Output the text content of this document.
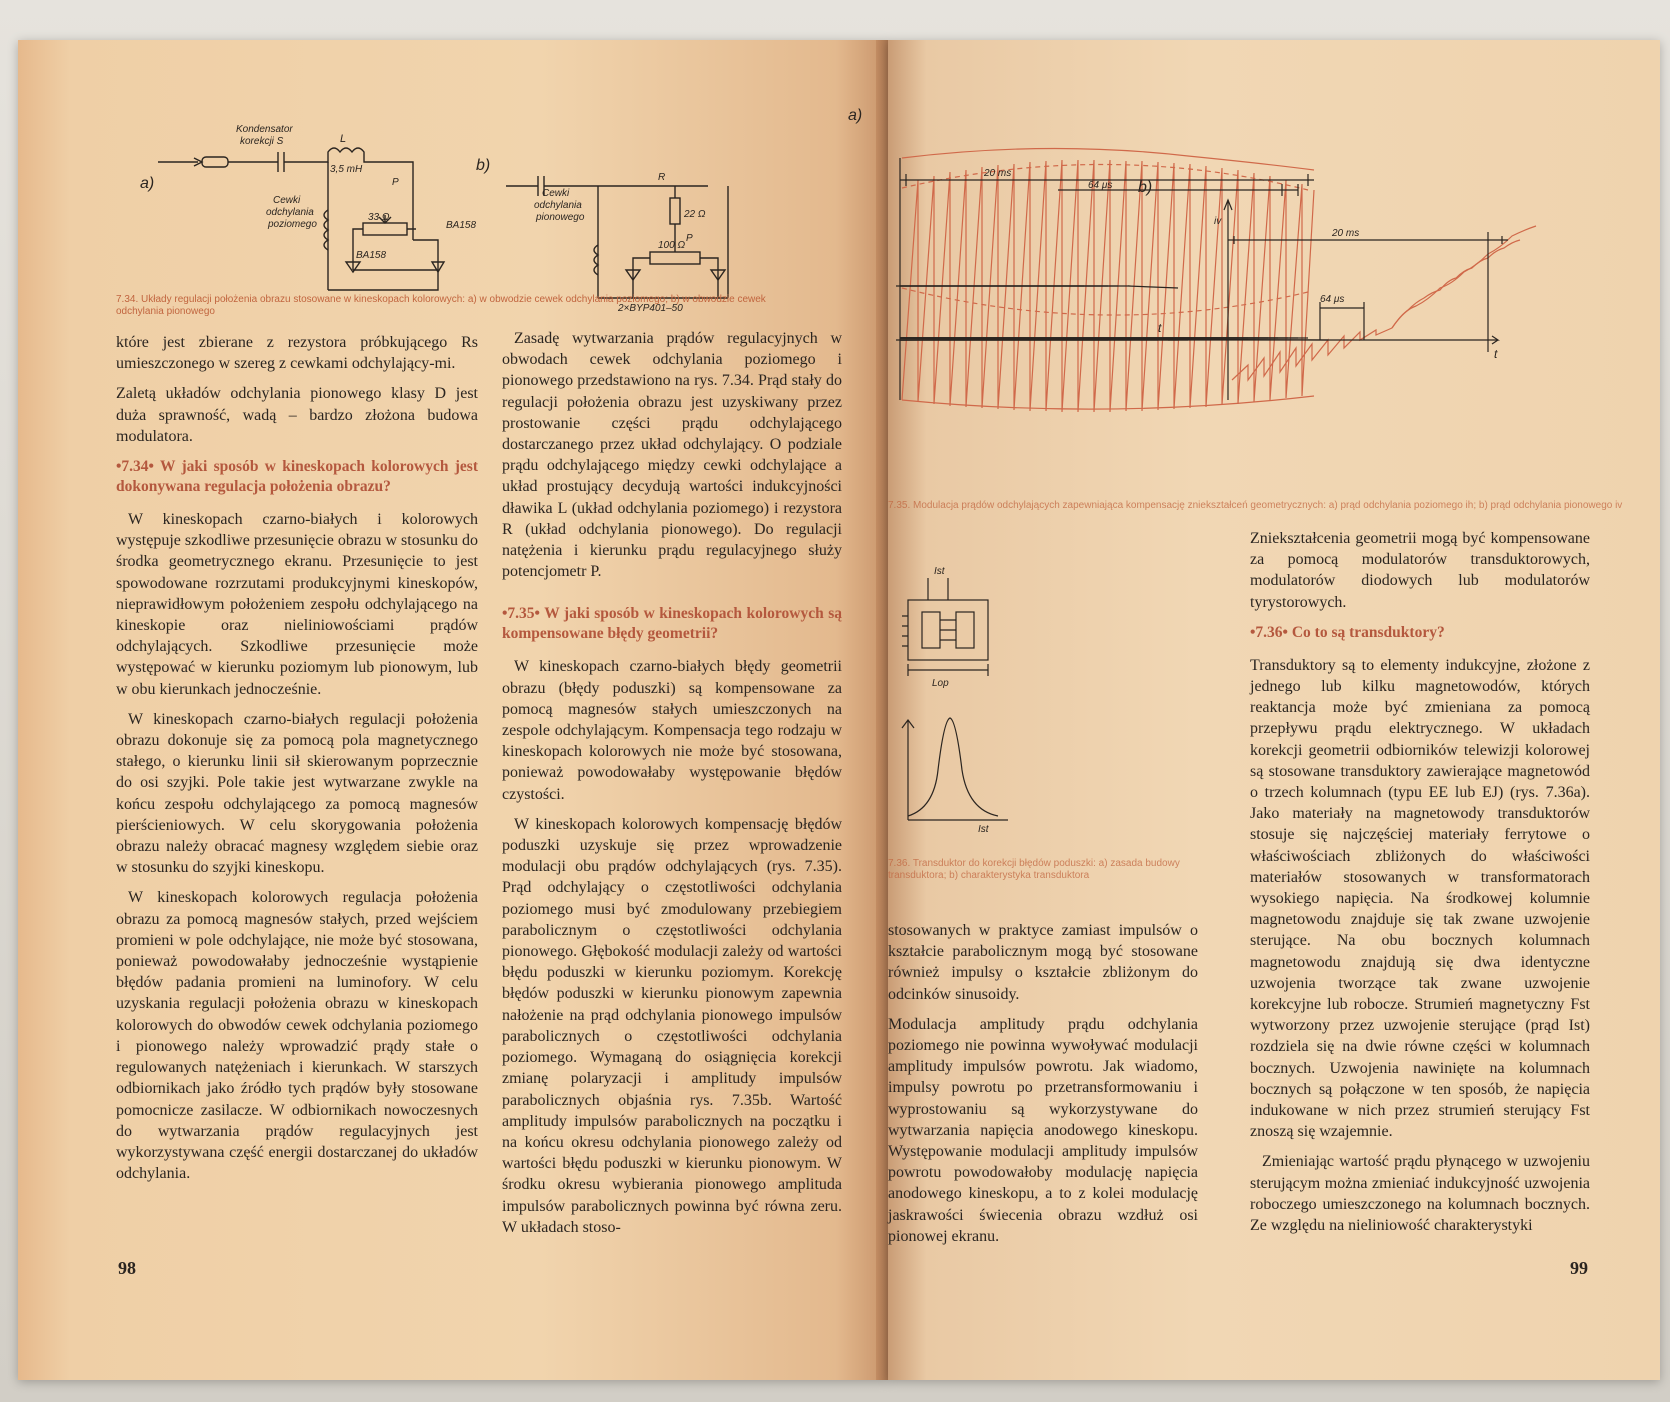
a)
b)
Kondensator
korekcji S	L
3,5 mH
P
33 Ω
Cewki
odchylania
poziomego
BA158
BA158
Cewki
odchylania
pionowego
R
22 Ω
P
100 Ω
2×BYP401–50
7.34. Układy regulacji położenia obrazu stosowane w kineskopach kolorowych: a) w obwodzie cewek odchylania poziomego; b) w obwodzie cewek
odchylania pionowego

które jest zbierane z rezystora próbkującego Rs umieszczonego w szereg z cewkami odchylający-mi.

Zaletą układów odchylania pionowego klasy D jest duża sprawność, wadą – bardzo złożona budowa modulatora.

•7.34• W jaki sposób w kineskopach kolorowych jest dokonywana regulacja położenia obrazu?

W kineskopach czarno-białych i kolorowych występuje szkodliwe przesunięcie obrazu w stosunku do środka geometrycznego ekranu. Przesunięcie to jest spowodowane rozrzutami produkcyjnymi kineskopów, nieprawidłowym położeniem zespołu odchylającego na kineskopie oraz nieliniowościami prądów odchylających. Szkodliwe przesunięcie może występować w kierunku poziomym lub pionowym, lub w obu kierunkach jednocześnie.

W kineskopach czarno-białych regulacji położenia obrazu dokonuje się za pomocą pola magnetycznego stałego, o kierunku linii sił skierowanym poprzecznie do osi szyjki. Pole takie jest wytwarzane zwykle na końcu zespołu odchylającego za pomocą magnesów pierścieniowych. W celu skorygowania położenia obrazu należy obracać magnesy względem siebie oraz w stosunku do szyjki kineskopu.

W kineskopach kolorowych regulacja położenia obrazu za pomocą magnesów stałych, przed wejściem promieni w pole odchylające, nie może być stosowana, ponieważ powodowałaby jednocześnie wystąpienie błędów padania promieni na luminofory. W celu uzyskania regulacji położenia obrazu w kineskopach kolorowych do obwodów cewek odchylania poziomego i pionowego należy wprowadzić prądy stałe o regulowanych natężeniach i kierunkach. W starszych odbiornikach jako źródło tych prądów były stosowane pomocnicze zasilacze. W odbiornikach nowoczesnych do wytwarzania prądów regulacyjnych jest wykorzystywana część energii dostarczanej do układów odchylania.

Zasadę wytwarzania prądów regulacyjnych w obwodach cewek odchylania poziomego i pionowego przedstawiono na rys. 7.34. Prąd stały do regulacji położenia obrazu jest uzyskiwany przez prostowanie części prądu odchylającego dostarczanego przez układ odchylający. O podziale prądu odchylającego między cewki odchylające a układ prostujący decydują wartości indukcyjności dławika L (układ odchylania poziomego) i rezystora R (układ odchylania pionowego). Do regulacji natężenia i kierunku prądu regulacyjnego służy potencjometr P.

•7.35• W jaki sposób w kineskopach kolorowych są kompensowane błędy geometrii?

W kineskopach czarno-białych błędy geometrii obrazu (błędy poduszki) są kompensowane za pomocą magnesów stałych umieszczonych na zespole odchylającym. Kompensacja tego rodzaju w kineskopach kolorowych nie może być stosowana, ponieważ powodowałaby występowanie błędów czystości.

W kineskopach kolorowych kompensację błędów poduszki uzyskuje się przez wprowadzenie modulacji obu prądów odchylających (rys. 7.35). Prąd odchylający o częstotliwości odchylania poziomego musi być zmodulowany przebiegiem parabolicznym o częstotliwości odchylania pionowego. Głębokość modulacji zależy od wartości błędu poduszki w kierunku poziomym. Korekcję błędów poduszki w kierunku pionowym zapewnia nałożenie na prąd odchylania pionowego impulsów parabolicznych o częstotliwości odchylania poziomego. Wymaganą do osiągnięcia korekcji zmianę polaryzacji i amplitudy impulsów parabolicznych objaśnia rys. 7.35b. Wartość amplitudy impulsów parabolicznych na początku i na końcu okresu odchylania pionowego zależy od wartości błędu poduszki w kierunku pionowym. W środku okresu wybierania pionowego amplituda impulsów parabolicznych powinna być równa zeru. W układach stoso-

98
20 ms
64 μs
t
b)
iv
20 ms
64 μs
t
a)
7.35. Modulacja prądów odchylających zapewniająca kompensację zniekształceń geometrycznych: a) prąd odchylania poziomego ih; b) prąd odchylania pionowego iv
Ist
Lop
Ist
7.36. Transduktor do korekcji błędów poduszki: a) zasada budowy transduktora; b) charakterystyka transduktora

stosowanych w praktyce zamiast impulsów o kształcie parabolicznym mogą być stosowane również impulsy o kształcie zbliżonym do odcinków sinusoidy.

Modulacja amplitudy prądu odchylania poziomego nie powinna wywoływać modulacji amplitudy impulsów powrotu. Jak wiadomo, impulsy powrotu po przetransformowaniu i wyprostowaniu są wykorzystywane do wytwarzania napięcia anodowego kineskopu. Występowanie modulacji amplitudy impulsów powrotu powodowałoby modulację napięcia anodowego kineskopu, a to z kolei modulację jaskrawości świecenia obrazu wzdłuż osi pionowej ekranu.

Zniekształcenia geometrii mogą być kompensowane za pomocą modulatorów transduktorowych, modulatorów diodowych lub modulatorów tyrystorowych.

•7.36• Co to są transduktory?

Transduktory są to elementy indukcyjne, złożone z jednego lub kilku magnetowodów, których reaktancja może być zmieniana za pomocą przepływu prądu elektrycznego. W układach korekcji geometrii odbiorników telewizji kolorowej są stosowane transduktory zawierające magnetowód o trzech kolumnach (typu EE lub EJ) (rys. 7.36a). Jako materiały na magnetowody transduktorów stosuje się najczęściej materiały ferrytowe o właściwościach zbliżonych do właściwości materiałów stosowanych w transformatorach wysokiego napięcia. Na środkowej kolumnie magnetowodu znajduje się tak zwane uzwojenie sterujące. Na obu bocznych kolumnach magnetowodu znajdują się dwa identyczne uzwojenia tworzące tak zwane uzwojenie korekcyjne lub robocze. Strumień magnetyczny Fst wytworzony przez uzwojenie sterujące (prąd Ist) rozdziela się na dwie równe części w kolumnach bocznych. Uzwojenia nawinięte na kolumnach bocznych są połączone w ten sposób, że napięcia indukowane w nich przez strumień sterujący Fst znoszą się wzajemnie.

Zmieniając wartość prądu płynącego w uzwojeniu sterującym można zmieniać indukcyjność uzwojenia roboczego umieszczonego na kolumnach bocznych. Ze względu na nieliniowość charakterystyki

99
